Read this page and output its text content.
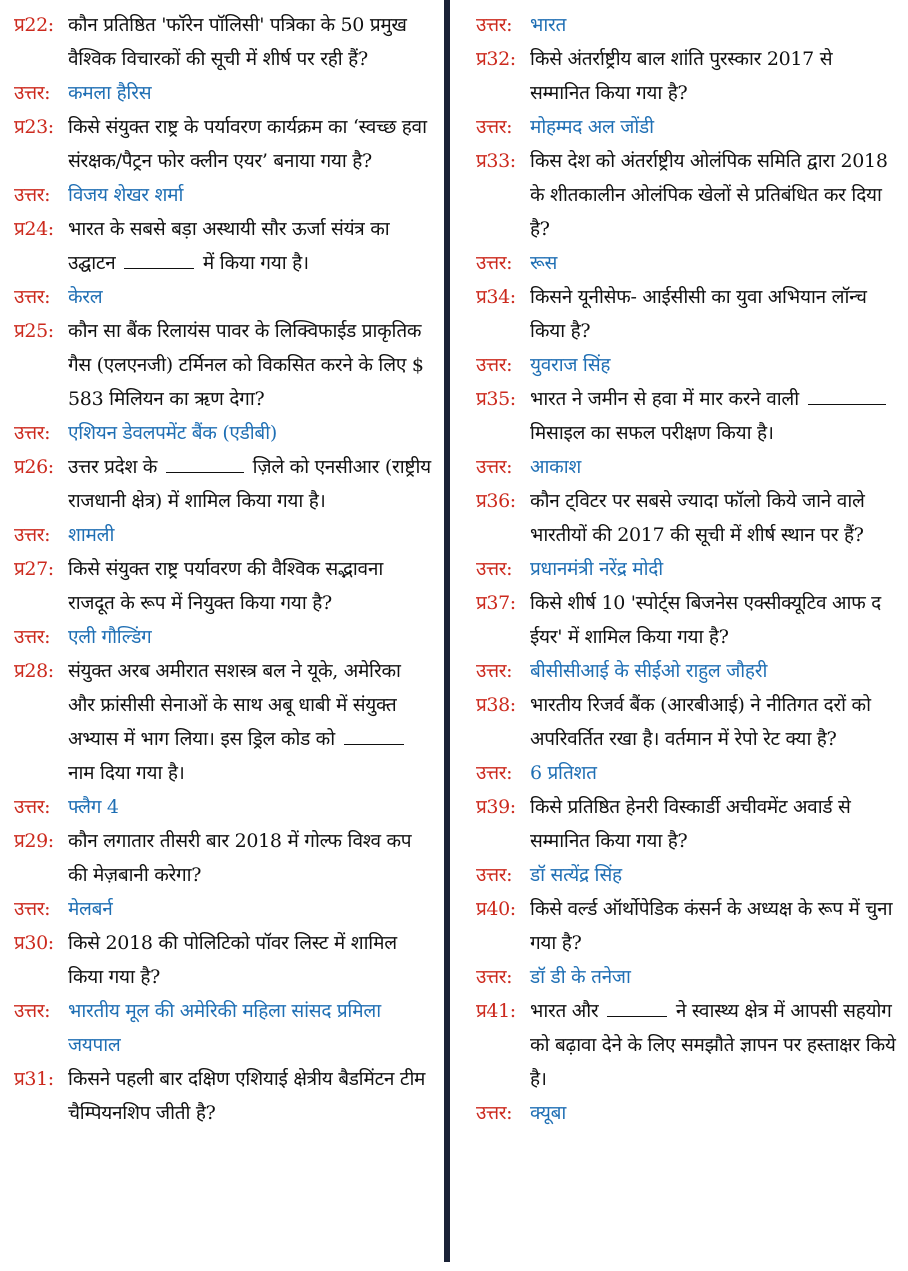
प्र22: कौन प्रतिष्ठित 'फॉरेन पॉलिसी' पत्रिका के 50 प्रमुख वैश्विक विचारकों की सूची में शीर्ष पर रही हैं?
उत्तर: कमला हैरिस
प्र23: किसे संयुक्त राष्ट्र के पर्यावरण कार्यक्रम का ‘स्वच्छ हवा संरक्षक/पैट्रन फोर क्लीन एयर’ बनाया गया है?
उत्तर: विजय शेखर शर्मा
प्र24: भारत के सबसे बड़ा अस्थायी सौर ऊर्जा संयंत्र का उद्घाटन	में किया गया है।
उत्तर: केरल
प्र25: कौन सा बैंक रिलायंस पावर के लिक्विफाईड प्राकृतिक गैस (एलएनजी) टर्मिनल को विकसित करने के लिए $ 583 मिलियन का ऋण देगा?
उत्तर: एशियन डेवलपमेंट बैंक (एडीबी)
प्र26: उत्तर प्रदेश के	ज़िले को एनसीआर (राष्ट्रीय राजधानी क्षेत्र) में शामिल किया गया है।
उत्तर: शामली
प्र27: किसे संयुक्त राष्ट्र पर्यावरण की वैश्विक सद्भावना राजदूत के रूप में नियुक्त किया गया है?
उत्तर: एली गौल्डिंग
प्र28: संयुक्त अरब अमीरात सशस्त्र बल ने यूके, अमेरिका और फ्रांसीसी सेनाओं के साथ अबू धाबी में संयुक्त अभ्यास में भाग लिया। इस ड्रिल कोड को  नाम दिया गया है।
उत्तर: फ्लैग 4
प्र29: कौन लगातार तीसरी बार 2018 में गोल्फ विश्व कप की मेज़बानी करेगा?
उत्तर: मेलबर्न
प्र30: किसे 2018 की पोलिटिको पॉवर लिस्ट में शामिल किया गया है?
उत्तर: भारतीय मूल की अमेरिकी महिला सांसद प्रमिला जयपाल
प्र31: किसने पहली बार दक्षिण एशियाई क्षेत्रीय बैडमिंटन टीम चैम्पियनशिप जीती है?
उत्तर: भारत
प्र32: किसे अंतर्राष्ट्रीय बाल शांति पुरस्कार 2017 से सम्मानित किया गया है?
उत्तर: मोहम्मद अल जोंडी
प्र33: किस देश को अंतर्राष्ट्रीय ओलंपिक समिति द्वारा 2018 के शीतकालीन ओलंपिक खेलों से प्रतिबंधित कर दिया है?
उत्तर: रूस
प्र34: किसने यूनीसेफ- आईसीसी का युवा अभियान लॉन्च किया है?
उत्तर: युवराज सिंह
प्र35: भारत ने जमीन से हवा में मार करने वाली मिसाइल का सफल परीक्षण किया है।
उत्तर: आकाश
प्र36: कौन ट्विटर पर सबसे ज्यादा फॉलो किये जाने वाले भारतीयों की 2017 की सूची में शीर्ष स्थान पर हैं?
उत्तर: प्रधानमंत्री नरेंद्र मोदी
प्र37: किसे शीर्ष 10 'स्पोर्ट्स बिजनेस एक्सीक्यूटिव आफ द ईयर' में शामिल किया गया है?
उत्तर: बीसीसीआई के सीईओ राहुल जौहरी
प्र38: भारतीय रिजर्व बैंक (आरबीआई) ने नीतिगत दरों को अपरिवर्तित रखा है। वर्तमान में रेपो रेट क्या है?
उत्तर: 6 प्रतिशत
प्र39: किसे प्रतिष्ठित हेनरी विस्कार्डी अचीवमेंट अवार्ड से सम्मानित किया गया है?
उत्तर: डॉ सत्येंद्र सिंह
प्र40: किसे वर्ल्ड ऑर्थोपेडिक कंसर्न के अध्यक्ष के रूप में चुना गया है?
उत्तर: डॉ डी के तनेजा
प्र41: भारत और	ने स्वास्थ्य क्षेत्र में आपसी सहयोग को बढ़ावा देने के लिए समझौते ज्ञापन पर हस्ताक्षर किये है।
उत्तर: क्यूबा
